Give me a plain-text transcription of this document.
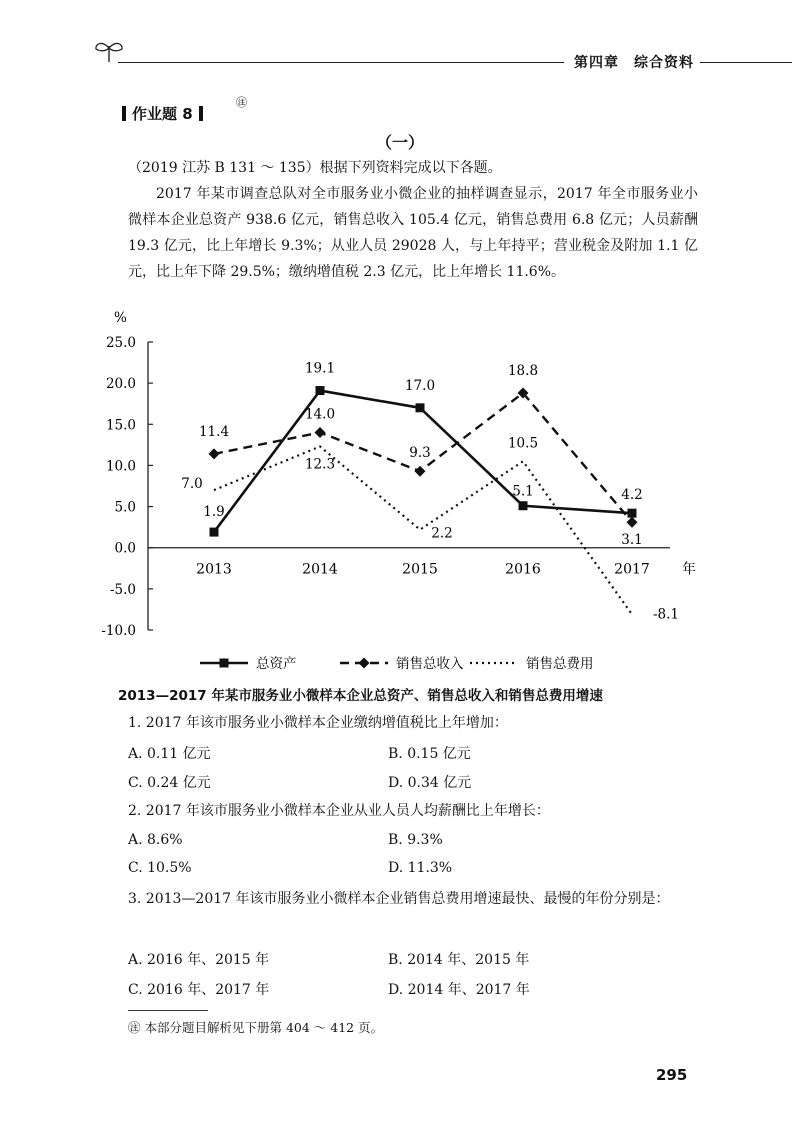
第四章　综合资料
作业题 8
㊟
（一）
（2019 江苏 B 131 ～ 135）根据下列资料完成以下各题。
2017 年某市调查总队对全市服务业小微企业的抽样调查显示，2017 年全市服务业小微样本企业总资产 938.6 亿元，销售总收入 105.4 亿元，销售总费用 6.8 亿元；人员薪酬 19.3 亿元，比上年增长 9.3%；从业人员 29028 人，与上年持平；营业税金及附加 1.1 亿元，比上年下降 29.5%；缴纳增值税 2.3 亿元，比上年增长 11.6%。
25.0
20.0
15.0
10.0
5.0
0.0
-5.0
-10.0
%
2013	2014	2015	2016	2017 年
1.9
19.1
17.0
5.1	4.2
11.4
14.0
9.3
18.8
3.1
7.0
12.3
2.2
10.5
-8.1
总资产	销售总收入	销售总费用
2013—2017 年某市服务业小微样本企业总资产、销售总收入和销售总费用增速
1. 2017 年该市服务业小微样本企业缴纳增值税比上年增加：
A. 0.11 亿元	B. 0.15 亿元
C. 0.24 亿元	D. 0.34 亿元
2. 2017 年该市服务业小微样本企业从业人员人均薪酬比上年增长：
A. 8.6%	B. 9.3%
C. 10.5%	D. 11.3%
3. 2013—2017 年该市服务业小微样本企业销售总费用增速最快、最慢的年份分别是：
A. 2016 年、2015 年	B. 2014 年、2015 年
C. 2016 年、2017 年	D. 2014 年、2017 年
㊟ 本部分题目解析见下册第 404 ～ 412 页。
295
